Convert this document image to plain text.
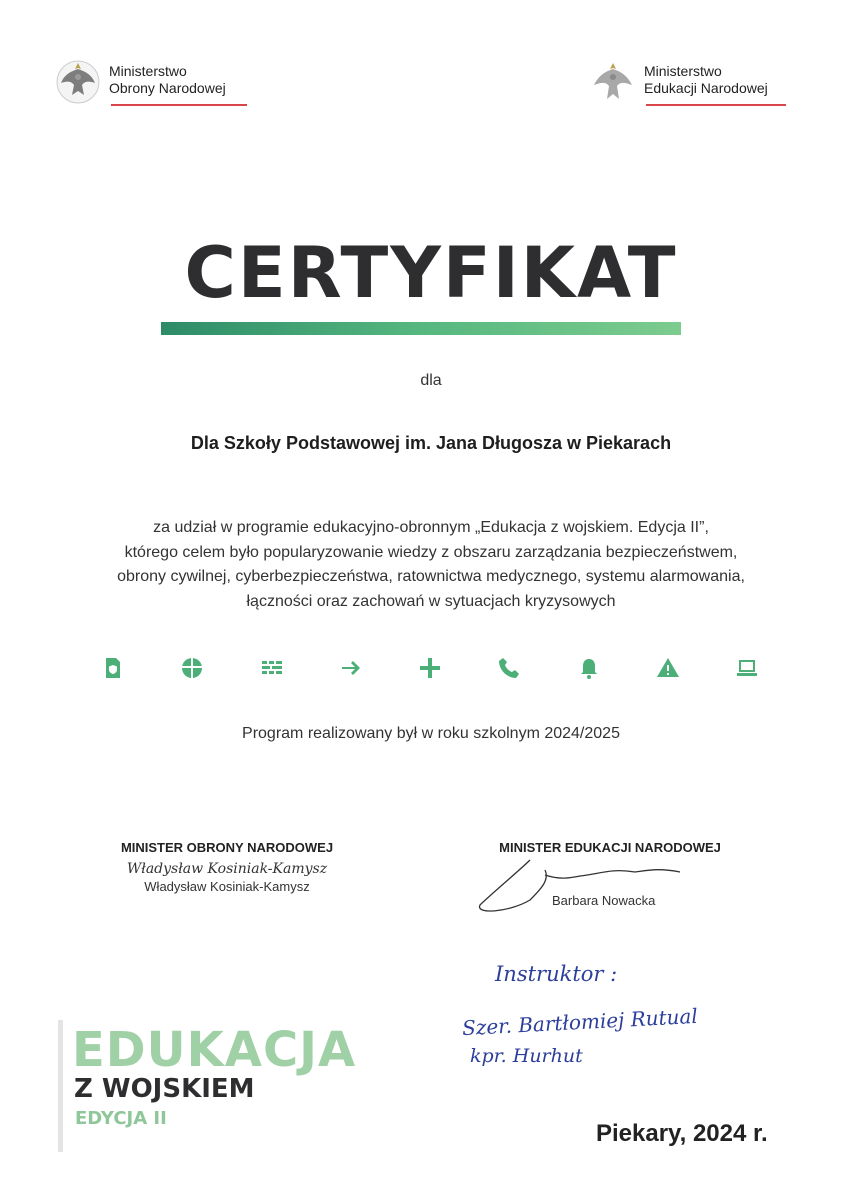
Ministerstwo
Obrony Narodowej
Ministerstwo
Edukacji Narodowej
CERTYFIKAT
dla
Dla Szkoły Podstawowej im. Jana Długosza w Piekarach
za udział w programie edukacyjno-obronnym „Edukacja z wojskiem. Edycja II”,
którego celem było popularyzowanie wiedzy z obszaru zarządzania bezpieczeństwem,
obrony cywilnej, cyberbezpieczeństwa, ratownictwa medycznego, systemu alarmowania,
łączności oraz zachowań w sytuacjach kryzysowych
Program realizowany był w roku szkolnym 2024/2025
MINISTER OBRONY NARODOWEJ
Władysław Kosiniak-Kamysz
Władysław Kosiniak-Kamysz
MINISTER EDUKACJI NARODOWEJ
Barbara Nowacka
Instruktor :
Szer. Bartłomiej Rutual
kpr. Hurhut
EDUKACJA
Z WOJSKIEM
EDYCJA II
Piekary, 2024 r.
